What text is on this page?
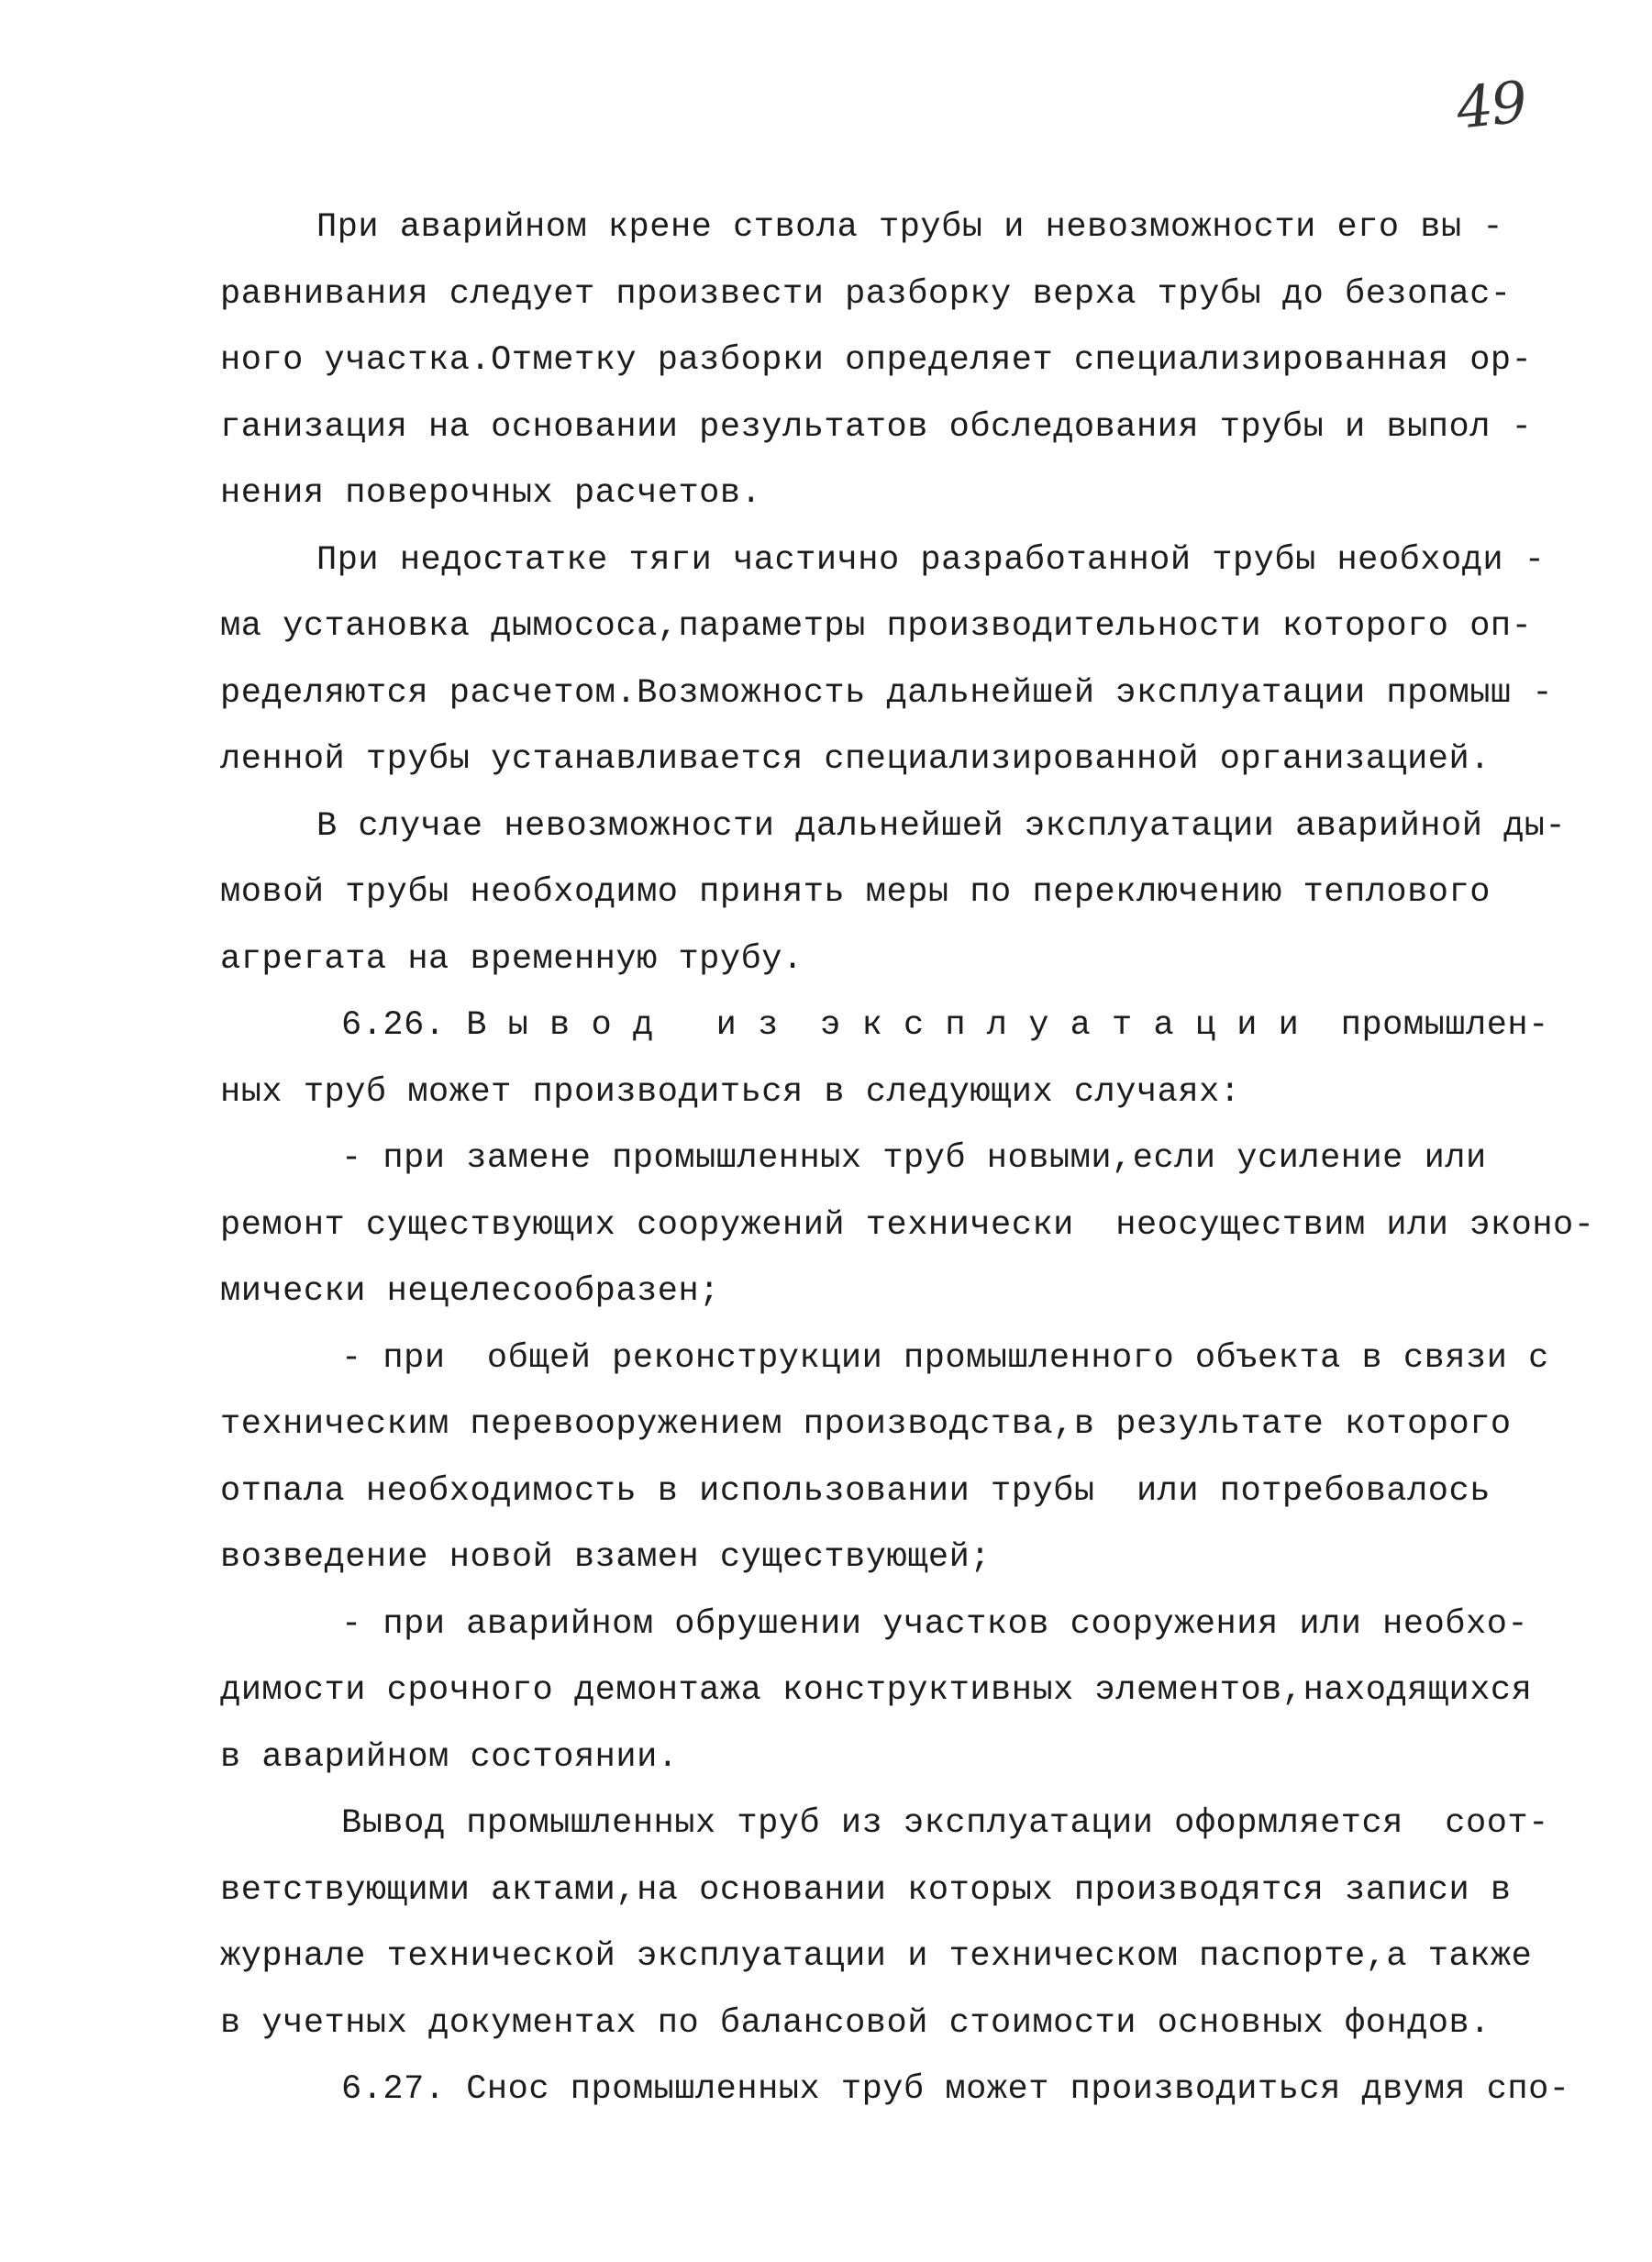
49
При аварийном крене ствола трубы и невозможности его вы -
равнивания следует произвести разборку верха трубы до безопас-
ного участка.Отметку разборки определяет специализированная ор-
ганизация на основании результатов обследования трубы и выпол -
нения поверочных расчетов.
При недостатке тяги частично разработанной трубы необходи -
ма установка дымососа,параметры производительности которого оп-
ределяются расчетом.Возможность дальнейшей эксплуатации промыш -
ленной трубы устанавливается специализированной организацией.
В случае невозможности дальнейшей эксплуатации аварийной ды-
мовой трубы необходимо принять меры по переключению теплового
агрегата на временную трубу.
6.26. В ы в о д   и з  э к с п л у а т а ц и и  промышлен-
ных труб может производиться в следующих случаях:
- при замене промышленных труб новыми,если усиление или
ремонт существующих сооружений технически  неосуществим или эконо-
мически нецелесообразен;
- при  общей реконструкции промышленного объекта в связи с
техническим перевооружением производства,в результате которого
отпала необходимость в использовании трубы  или потребовалось
возведение новой взамен существующей;
- при аварийном обрушении участков сооружения или необхо-
димости срочного демонтажа конструктивных элементов,находящихся
в аварийном состоянии.
Вывод промышленных труб из эксплуатации оформляется  соот-
ветствующими актами,на основании которых производятся записи в
журнале технической эксплуатации и техническом паспорте,а также
в учетных документах по балансовой стоимости основных фондов.
6.27. Снос промышленных труб может производиться двумя спо-
